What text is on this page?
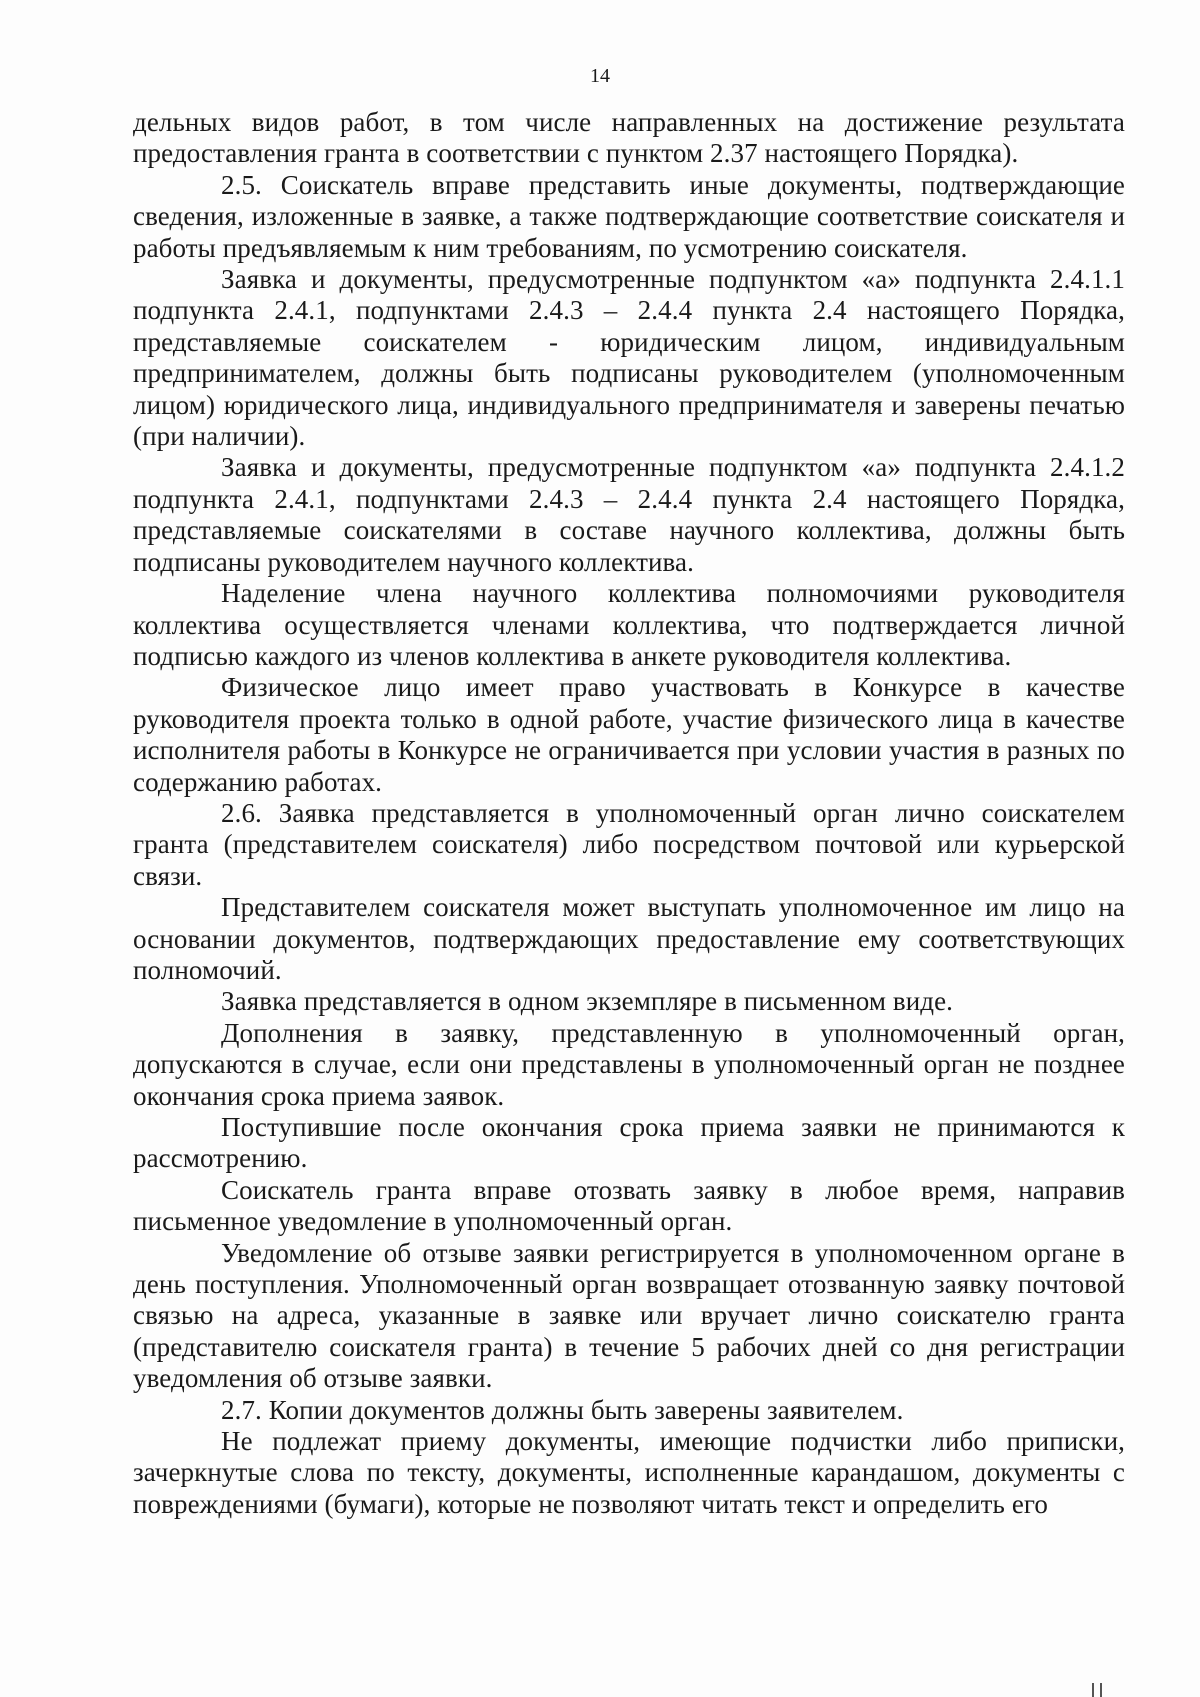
14

дельных видов работ, в том числе направленных на достижение результата предоставления гранта в соответствии с пунктом 2.37 настоящего Порядка).

2.5. Соискатель вправе представить иные документы, подтверждающие сведения, изложенные в заявке, а также подтверждающие соответствие соискателя и работы предъявляемым к ним требованиям, по усмотрению соискателя.

Заявка и документы, предусмотренные подпунктом «а» подпункта 2.4.1.1 подпункта 2.4.1, подпунктами 2.4.3 – 2.4.4 пункта 2.4 настоящего Порядка, представляемые соискателем - юридическим лицом, индивидуальным предпринимателем, должны быть подписаны руководителем (уполномоченным лицом) юридического лица, индивидуального предпринимателя и заверены печатью (при наличии).

Заявка и документы, предусмотренные подпунктом «а» подпункта 2.4.1.2 подпункта 2.4.1, подпунктами 2.4.3 – 2.4.4 пункта 2.4 настоящего Порядка, представляемые соискателями в составе научного коллектива, должны быть подписаны руководителем научного коллектива.

Наделение члена научного коллектива полномочиями руководителя коллектива осуществляется членами коллектива, что подтверждается личной подписью каждого из членов коллектива в анкете руководителя коллектива.

Физическое лицо имеет право участвовать в Конкурсе в качестве руководителя проекта только в одной работе, участие физического лица в качестве исполнителя работы в Конкурсе не ограничивается при условии участия в разных по содержанию работах.

2.6. Заявка представляется в уполномоченный орган лично соискателем гранта (представителем соискателя) либо посредством почтовой или курьерской связи.

Представителем соискателя может выступать уполномоченное им лицо на основании документов, подтверждающих предоставление ему соответствующих полномочий.

Заявка представляется в одном экземпляре в письменном виде.

Дополнения в заявку, представленную в уполномоченный орган, допускаются в случае, если они представлены в уполномоченный орган не позднее окончания срока приема заявок.

Поступившие после окончания срока приема заявки не принимаются к рассмотрению.

Соискатель гранта вправе отозвать заявку в любое время, направив письменное уведомление в уполномоченный орган.

Уведомление об отзыве заявки регистрируется в уполномоченном органе в день поступления. Уполномоченный орган возвращает отозванную заявку почтовой связью на адреса, указанные в заявке или вручает лично соискателю гранта (представителю соискателя гранта) в течение 5 рабочих дней со дня регистрации уведомления об отзыве заявки.

2.7. Копии документов должны быть заверены заявителем.

Не подлежат приему документы, имеющие подчистки либо приписки, зачеркнутые слова по тексту, документы, исполненные карандашом, документы с повреждениями (бумаги), которые не позволяют читать текст и определить его
